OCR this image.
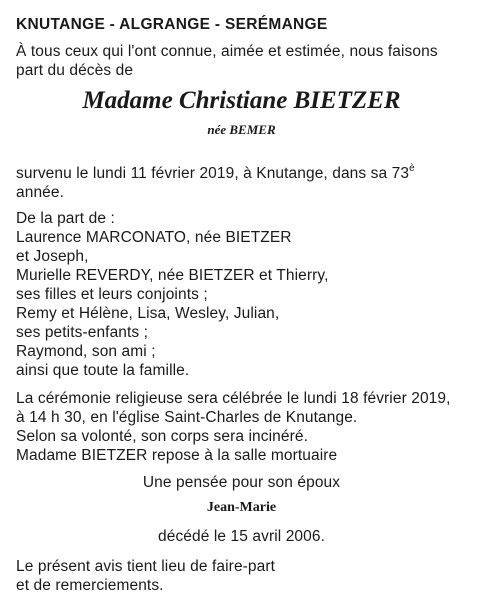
KNUTANGE - ALGRANGE - SERÉMANGE
À tous ceux qui l'ont connue, aimée et estimée, nous faisons
part du décès de
Madame Christiane BIETZER
née BEMER
survenu le lundi 11 février 2019, à Knutange, dans sa $73^è$
année.
De la part de :
Laurence MARCONATO, née BIETZER
et Joseph,
Murielle REVERDY, née BIETZER et Thierry,
ses filles et leurs conjoints ;
Remy et Hélène, Lisa, Wesley, Julian,
ses petits-enfants ;
Raymond, son ami ;
ainsi que toute la famille.
La cérémonie religieuse sera célébrée le lundi 18 février 2019,
à 14 h 30, en l'église Saint-Charles de Knutange.
Selon sa volonté, son corps sera incinéré.
Madame BIETZER repose à la salle mortuaire
Une pensée pour son époux
Jean-Marie
décédé le 15 avril 2006.
Le présent avis tient lieu de faire-part
et de remerciements.
